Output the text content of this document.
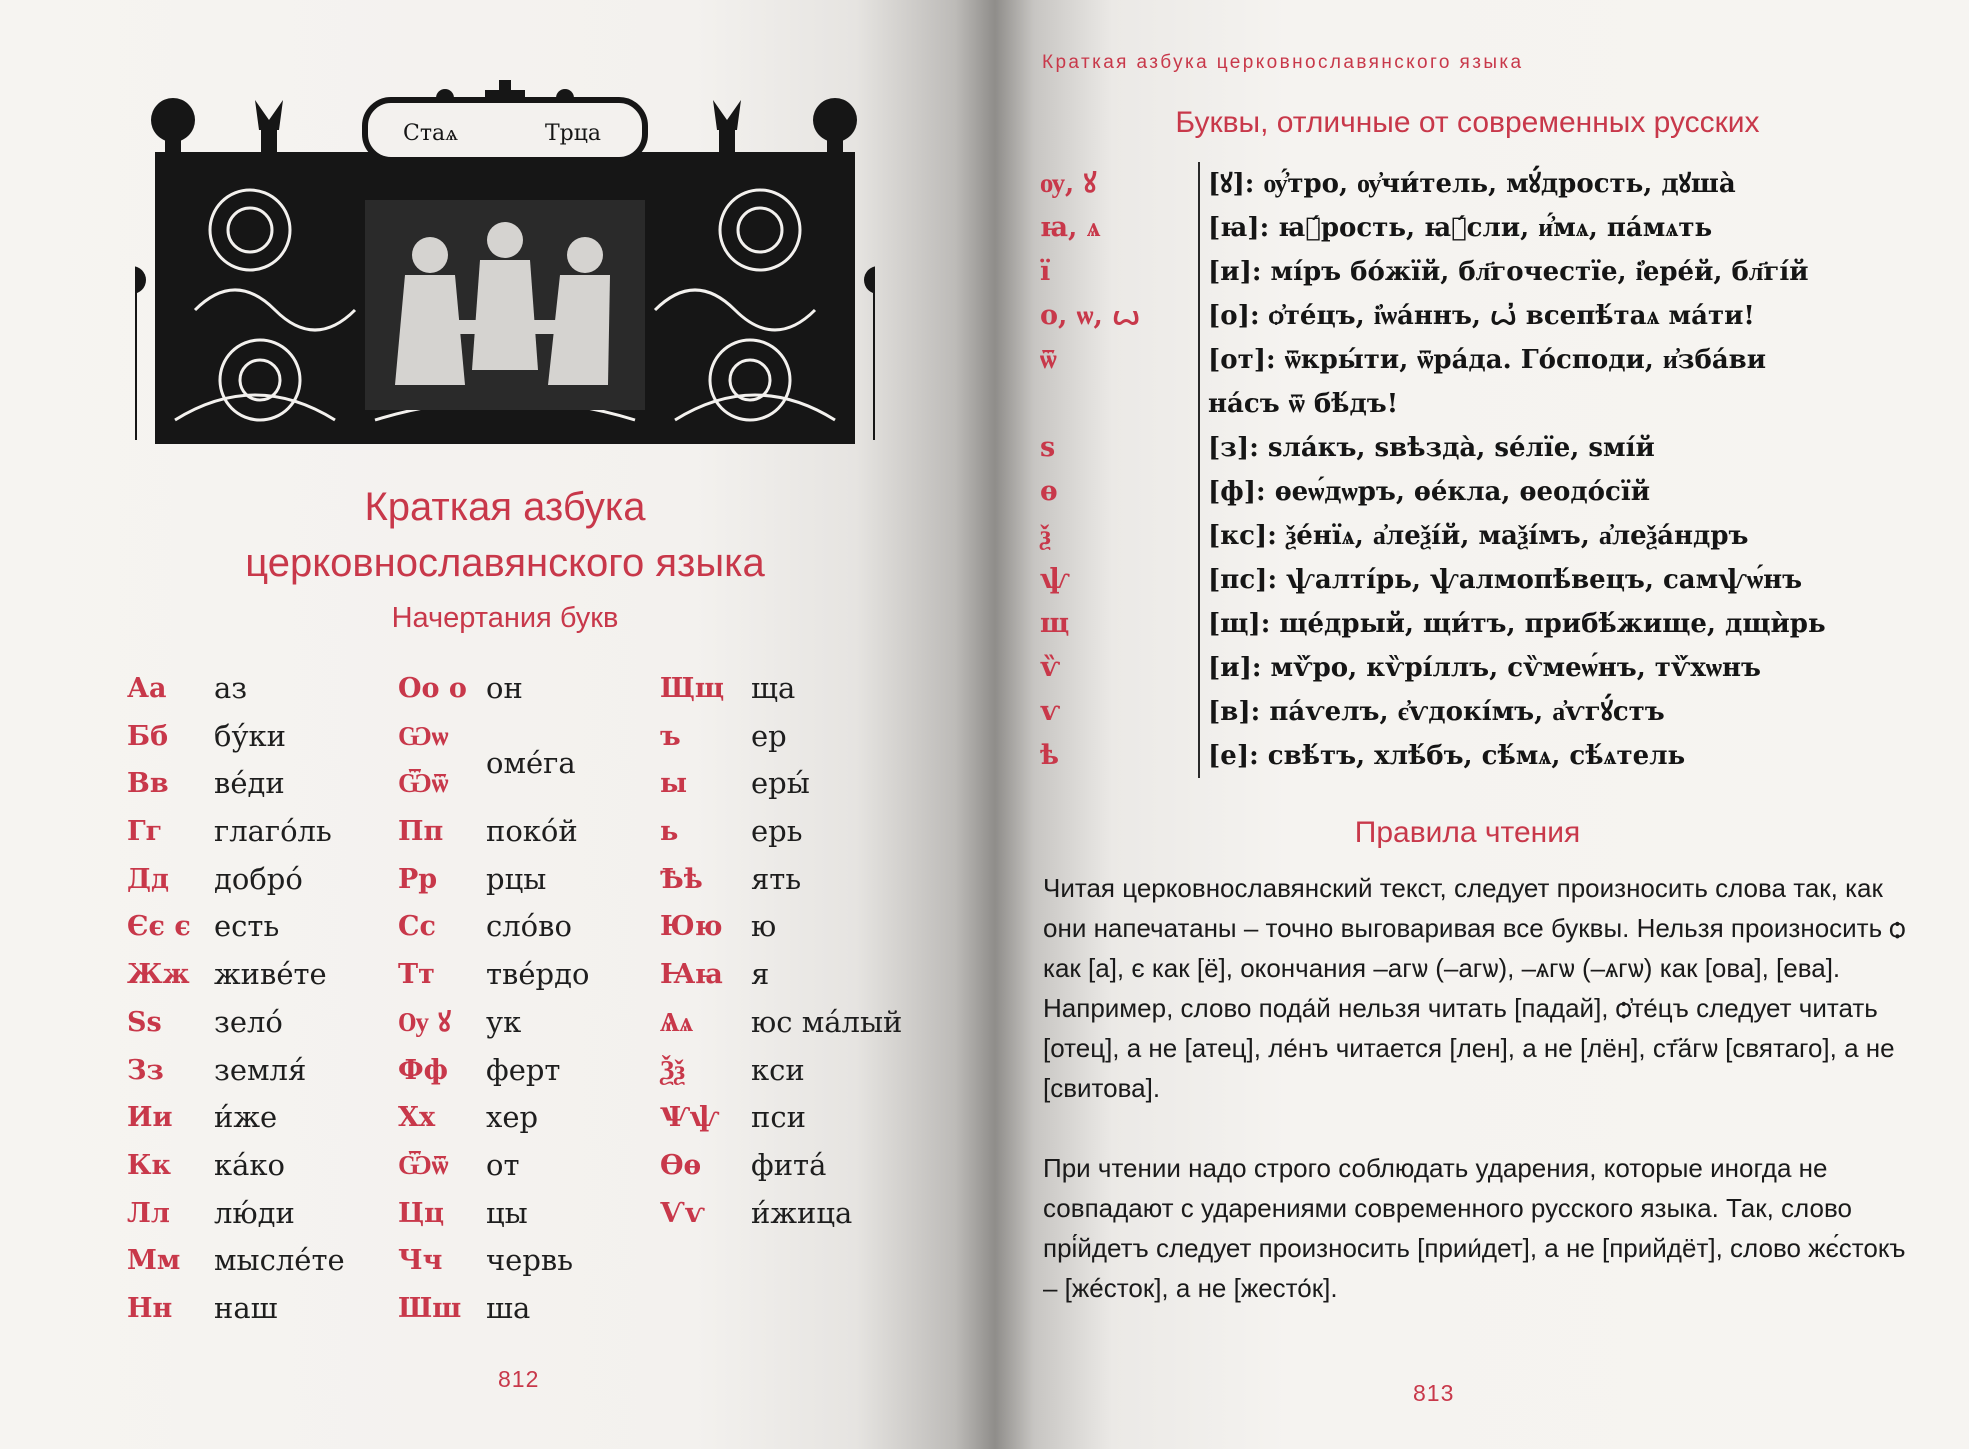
Стаѧ	Трца
Краткая азбука
церковнославянского языка
Начертания букв
Аа аз
Бб бу́ки
Вв ве́ди
Гг глаго́ль
Дд добро́
Єє є есть
Жж живе́те
Ѕѕ зело́
Зз земля́
Ии и́же
Кк ка́ко
Лл лю́ди
Мм мысле́те
Нн наш
Оо о он
Ѡѡ
Ѿѿ
оме́га
Пп поко́й
Рр рцы
Сс сло́во
Тт тве́рдо
Ѹ ꙋ ук
Фф ферт
Хх хер
Ѿѿ от
Цц цы
Чч червь
Шш ша
Щщ ща
ъ ер
ы еры́
ь	ерь
Ѣѣ ять
Юю ю
Ꙗꙗ я
Ѧѧ юс ма́лый
Ѯѯ кси
Ѱѱ пси
Ѳѳ фита́
Ѵѵ и́жица
812
Краткая азбука церковнославянского языка
Буквы, отличные от современных русских
ѹ, ꙋ	[ꙋ]: ѹ҆́тро, ѹ҆чи́тель, мꙋ́дрость, дꙋша̀
ꙗ, ѧ	[ꙗ]: ꙗ҆́рость, ꙗ҆́сли, и҆́мѧ, па́мѧть
ї	[и]: мі́ръ бо́жїй, бл҃гочестїе, і҆ере́й, бл҃гі́й
о, ѡ, ꙍ	[о]: ѻ҆те́цъ, і҆ѡа́ннъ, ꙍ҆ всепѣ́таѧ ма́ти!
ѿ	[от]: ѿкры́ти, ѿра́да. Го́споди, и҆зба́ви на́съ ѿ бѣ́дъ!
ѕ	[з]: ѕла́къ, ѕвѣзда̀, ѕе́лїе, ѕмі́й
ѳ	[ф]: ѳеѡ́дѡръ, ѳе́кла, ѳеодо́сїй
ѯ	[кс]: ѯе́нїѧ, а҆леѯі́й, маѯі́мъ, а҆леѯа́ндръ
ѱ	[пс]: ѱалті́рь, ѱалмопѣ́вецъ, самѱѡ́нъ
щ	[щ]: ще́дрый, щи́тъ, прибѣ́жище, дщѝрь
ѷ	[и]: мѷ́ро, кѷрі́ллъ, сѷмеѡ́нъ, тѷ́хѡнъ
ѵ	[в]: па́ѵелъ, є҆ѵдокі́мъ, а҆ѵгꙋ́стъ
ѣ	[е]: свѣ́тъ, хлѣ́бъ, сѣ́мѧ, сѣ́ѧтель
Правила чтения
Читая церковнославянский текст, следует произносить слова так, как они напечатаны – точно выговаривая все буквы. Нельзя произносить ѻ как [а], є как [ё], окончания –агѡ (–агѡ), –ѧгѡ (–ѧгѡ) как [ова], [ева]. Например, слово пода́й нельзя читать [падай], ѻ҆те́цъ следует читать [отец], а не [атец], ле́нъ читается [лен], а не [лён], ст҃а́гѡ [святаго], а не [свитова].
При чтении надо строго соблюдать ударения, которые иногда не совпадают с ударениями современного русского языка. Так, слово прі́йдетъ следует произносить [прии́дет], а не [прийдёт], слово жє́стокъ – [жéсток], а не [жесто́к].
813
